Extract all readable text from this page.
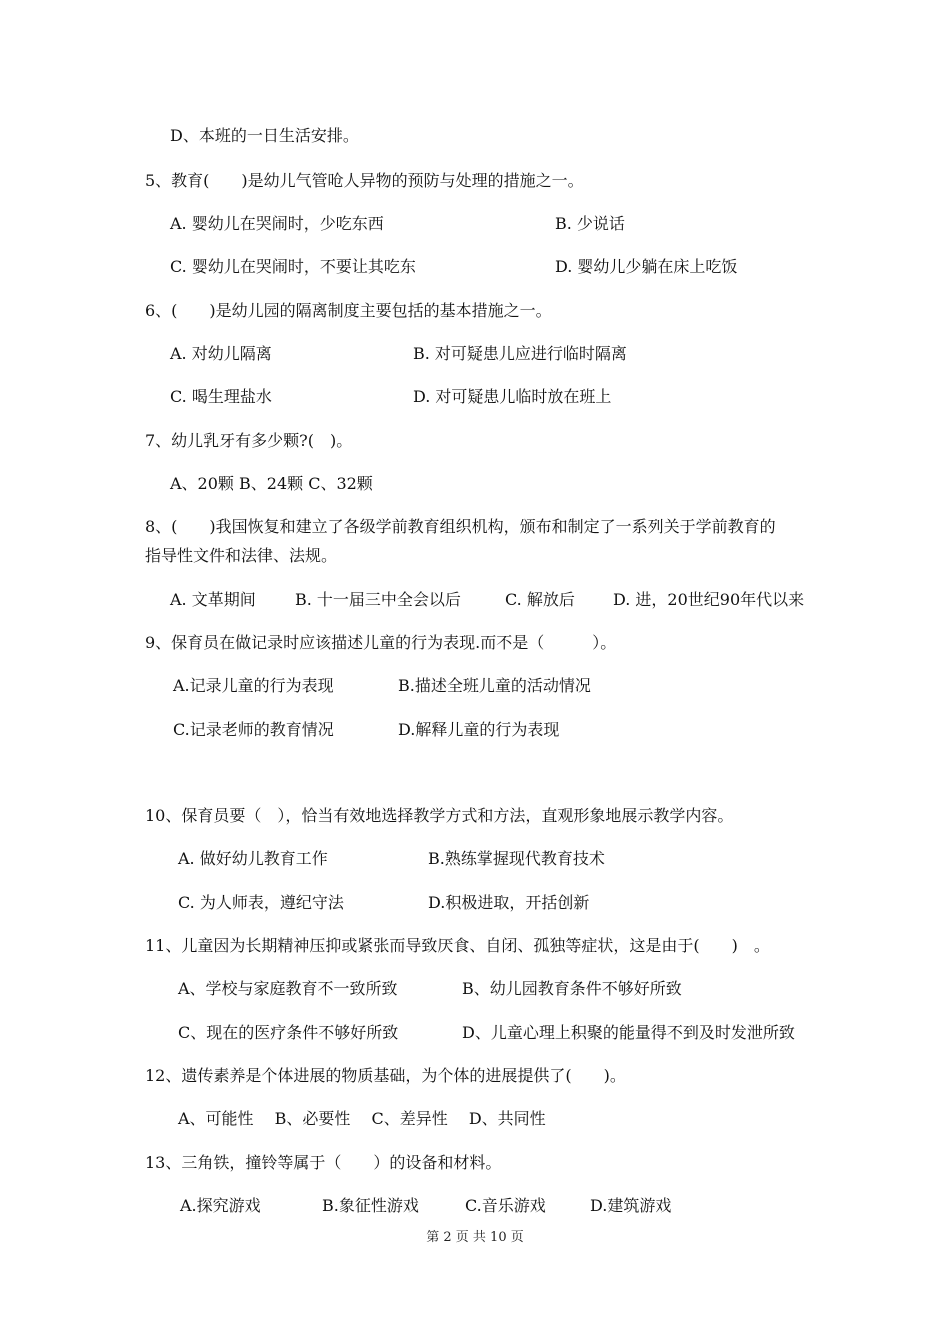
D、本班的一日生活安排。
5、教育(　　)是幼儿气管呛人异物的预防与处理的措施之一。
A. 婴幼儿在哭闹时，少吃东西	B. 少说话
C. 婴幼儿在哭闹时，不要让其吃东	D. 婴幼儿少躺在床上吃饭
6、(　　)是幼儿园的隔离制度主要包括的基本措施之一。
A. 对幼儿隔离	B. 对可疑患儿应进行临时隔离
C. 喝生理盐水	D. 对可疑患儿临时放在班上
7、幼儿乳牙有多少颗?(　)。
A、20颗 B、24颗 C、32颗
8、(　　)我国恢复和建立了各级学前教育组织机构，颁布和制定了一系列关于学前教育的
指导性文件和法律、法规。
A. 文革期间 B. 十一届三中全会以后	C. 解放后 D. 进，20世纪90年代以来
9、保育员在做记录时应该描述儿童的行为表现.而不是（　　　）。
A.记录儿童的行为表现	B.描述全班儿童的活动情况
C.记录老师的教育情况	D.解释儿童的行为表现
10、保育员要（　），恰当有效地选择教学方式和方法，直观形象地展示教学内容。
A. 做好幼儿教育工作	B.熟练掌握现代教育技术
C. 为人师表，遵纪守法	D.积极进取，开括创新
11、儿童因为长期精神压抑或紧张而导致厌食、自闭、孤独等症状，这是由于(　　)　。
A、学校与家庭教育不一致所致	B、幼儿园教育条件不够好所致
C、现在的医疗条件不够好所致	D、儿童心理上积聚的能量得不到及时发泄所致
12、遗传素养是个体进展的物质基础，为个体的进展提供了(　　)。
A、可能性　 B、必要性　 C、差异性　 D、共同性
13、三角铁，撞铃等属于（　　）的设备和材料。
A.探究游戏	B.象征性游戏	C.音乐游戏	D.建筑游戏
第 2 页 共 10 页
